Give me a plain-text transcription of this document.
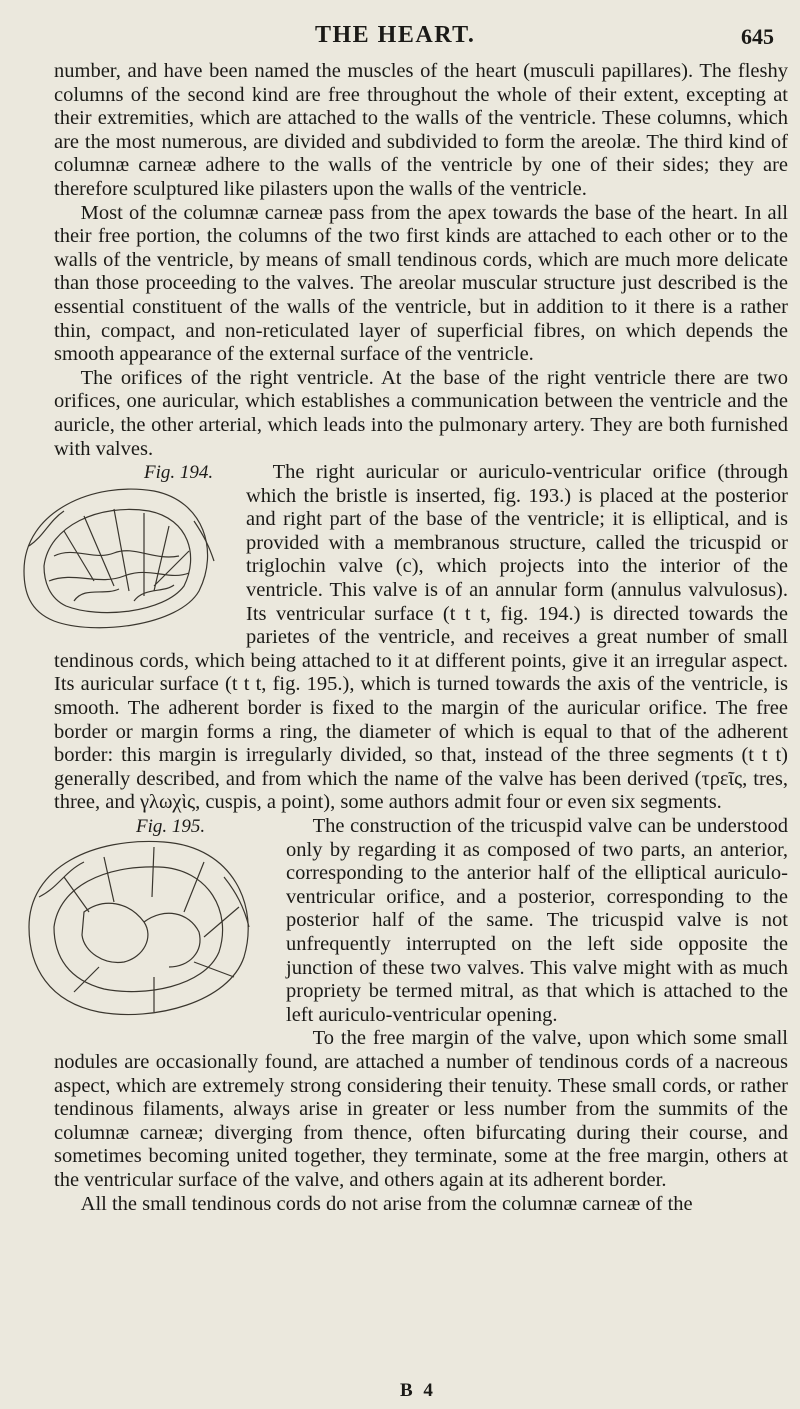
THE HEART.	645

number, and have been named the muscles of the heart (musculi papillares). The fleshy columns of the second kind are free throughout the whole of their extent, excepting at their extremities, which are attached to the walls of the ventricle. These columns, which are the most numerous, are divided and subdivided to form the areolæ. The third kind of columnæ carneæ adhere to the walls of the ventricle by one of their sides; they are therefore sculptured like pilasters upon the walls of the ventricle.

Most of the columnæ carneæ pass from the apex towards the base of the heart. In all their free portion, the columns of the two first kinds are attached to each other or to the walls of the ventricle, by means of small tendinous cords, which are much more delicate than those proceeding to the valves. The areolar muscular structure just described is the essential constituent of the walls of the ventricle, but in addition to it there is a rather thin, compact, and non-reticulated layer of superficial fibres, on which depends the smooth appearance of the external surface of the ventricle.

The orifices of the right ventricle. At the base of the right ventricle there are two orifices, one auricular, which establishes a communication between the ventricle and the auricle, the other arterial, which leads into the pulmonary artery. They are both furnished with valves.

Fig. 194.	The right auricular or auriculo-ventricular orifice (through which the bristle is inserted, fig. 193.) is placed at the posterior and right part of the base of the ventricle; it is elliptical, and is provided with a membranous structure, called the tricuspid or triglochin valve (c), which projects into the interior of the ventricle. This valve is of an annular form (annulus valvulosus). Its ventricular surface (t t t, fig. 194.) is directed towards the parietes of the ventricle, and receives a great number of small tendinous cords, which being attached to it at different points, give it an irregular aspect. Its auricular surface (t t t, fig. 195.), which is turned towards the axis of the ventricle, is smooth. The adherent border is fixed to the margin of the auricular orifice. The free border or margin forms a ring, the diameter of which is equal to that of the adherent border: this margin is irregularly divided, so that, instead of the three segments (t t t) generally described, and from which the name of the valve has been derived (τρεῖς, tres, three, and γλωχὶς, cuspis, a point), some authors admit four or even six segments.

Fig. 195.	The construction of the tricuspid valve can be understood only by regarding it as composed of two parts, an anterior, corresponding to the anterior half of the elliptical auriculo-ventricular orifice, and a posterior, corresponding to the posterior half of the same. The tricuspid valve is not unfrequently interrupted on the left side opposite the junction of these two valves. This valve might with as much propriety be termed mitral, as that which is attached to the left auriculo-ventricular opening.

To the free margin of the valve, upon which some small nodules are occasionally found, are attached a number of tendinous cords of a nacreous aspect, which are extremely strong considering their tenuity. These small cords, or rather tendinous filaments, always arise in greater or less number from the summits of the columnæ carneæ; diverging from thence, often bifurcating during their course, and sometimes becoming united together, they terminate, some at the free margin, others at the ventricular surface of the valve, and others again at its adherent border.

All the small tendinous cords do not arise from the columnæ carneæ of the

B 4
